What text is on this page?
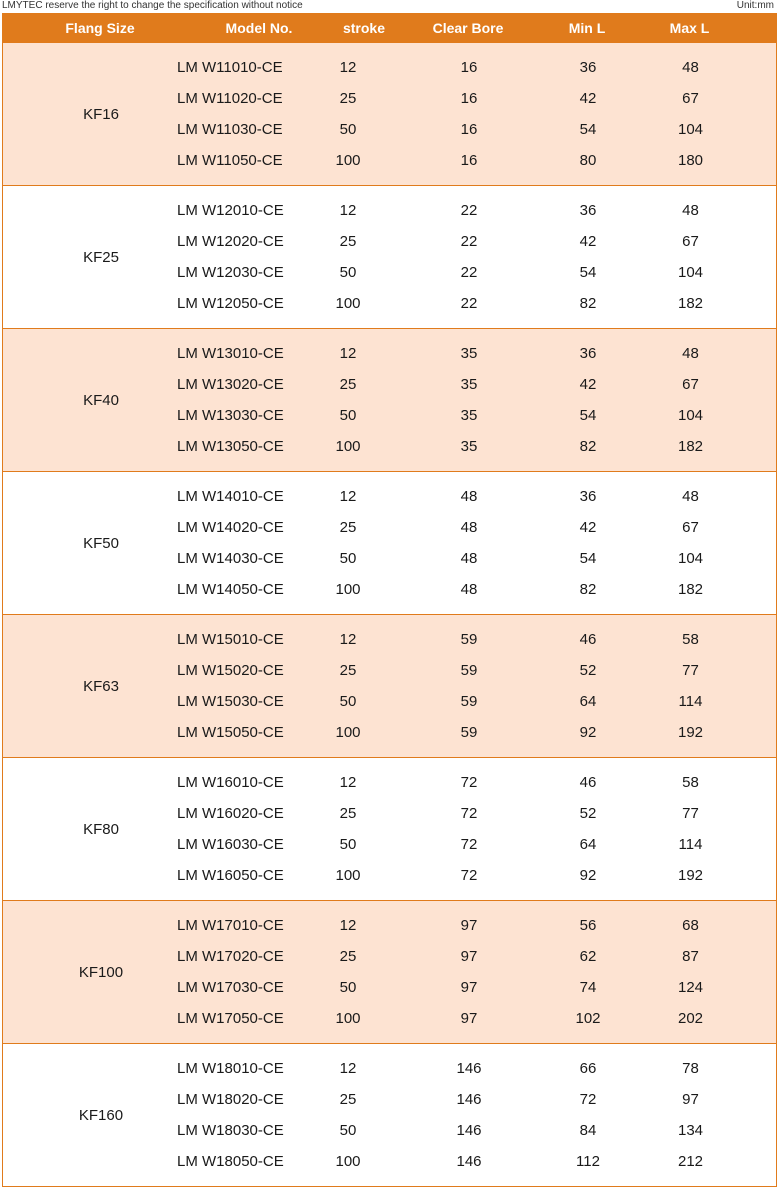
LMYTEC reserve the right to change the specification without notice	Unit:mm
Flang Size	Model No.	stroke	Clear Bore	Min L	Max L
KF16
LM W11010-CE	12	16	36	48
LM W11020-CE	25	16	42	67
LM W11030-CE	50	16	54	104
LM W11050-CE	100	16	80	180
KF25
LM W12010-CE	12	22	36	48
LM W12020-CE	25	22	42	67
LM W12030-CE	50	22	54	104
LM W12050-CE	100	22	82	182
KF40
LM W13010-CE	12	35	36	48
LM W13020-CE	25	35	42	67
LM W13030-CE	50	35	54	104
LM W13050-CE	100	35	82	182
KF50
LM W14010-CE	12	48	36	48
LM W14020-CE	25	48	42	67
LM W14030-CE	50	48	54	104
LM W14050-CE	100	48	82	182
KF63
LM W15010-CE	12	59	46	58
LM W15020-CE	25	59	52	77
LM W15030-CE	50	59	64	114
LM W15050-CE	100	59	92	192
KF80
LM W16010-CE	12	72	46	58
LM W16020-CE	25	72	52	77
LM W16030-CE	50	72	64	114
LM W16050-CE	100	72	92	192
KF100
LM W17010-CE	12	97	56	68
LM W17020-CE	25	97	62	87
LM W17030-CE	50	97	74	124
LM W17050-CE	100	97	102	202
KF160
LM W18010-CE	12	146	66	78
LM W18020-CE	25	146	72	97
LM W18030-CE	50	146	84	134
LM W18050-CE	100	146	112	212
